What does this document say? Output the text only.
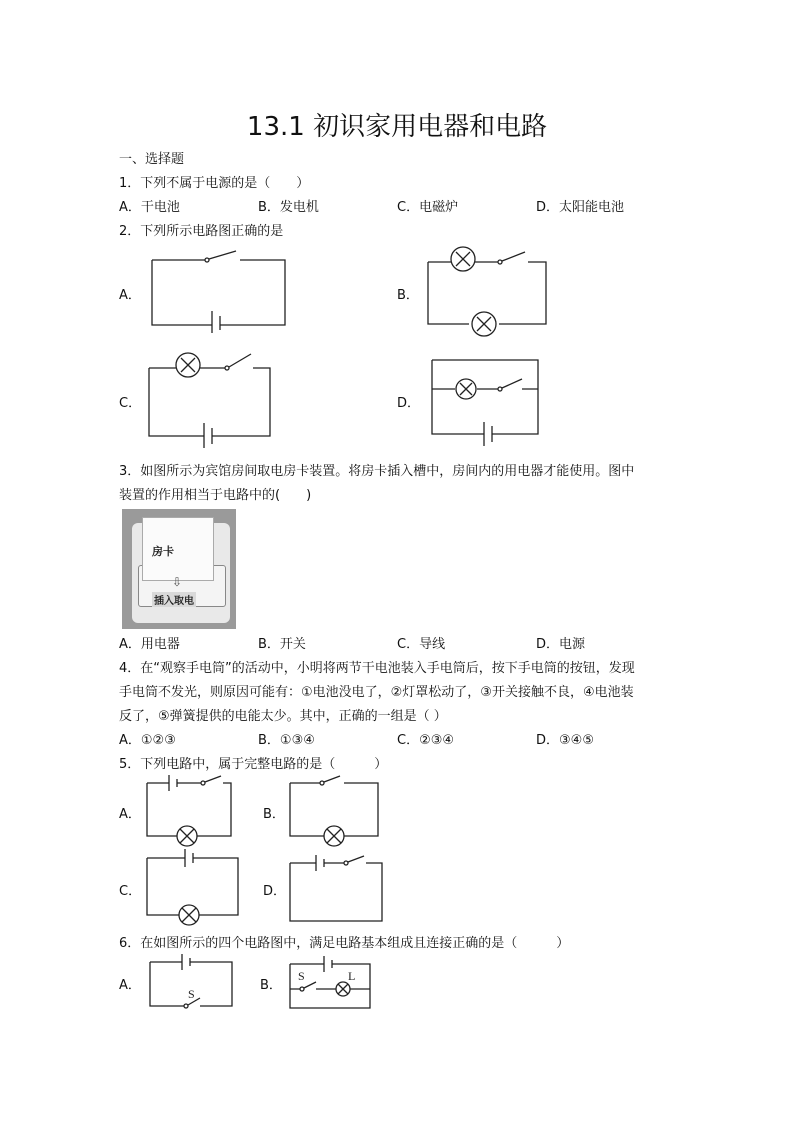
13.1 初识家用电器和电路
一、选择题
1．下列不属于电源的是（　　）
A．干电池	B．发电机	C．电磁炉	D．太阳能电池
2．下列所示电路图正确的是
A．	B．
C．	D．
3．如图所示为宾馆房间取电房卡装置。将房卡插入槽中，房间内的用电器才能使用。图中
装置的作用相当于电路中的(　　)
房卡
⇩
插入取电
A．用电器	B．开关	C．导线	D．电源
4．在“观察手电筒”的活动中，小明将两节干电池装入手电筒后，按下手电筒的按钮，发现
手电筒不发光，则原因可能有：①电池没电了，②灯罩松动了，③开关接触不良，④电池装
反了，⑤弹簧提供的电能太少。其中，正确的一组是（ ）
A．①②③	B．①③④	C．②③④	D．③④⑤
5．下列电路中，属于完整电路的是（　　　）
A．	B．
C．	D．
6．在如图所示的四个电路图中，满足电路基本组成且连接正确的是（　　　）
A．
S
B．
S	L
